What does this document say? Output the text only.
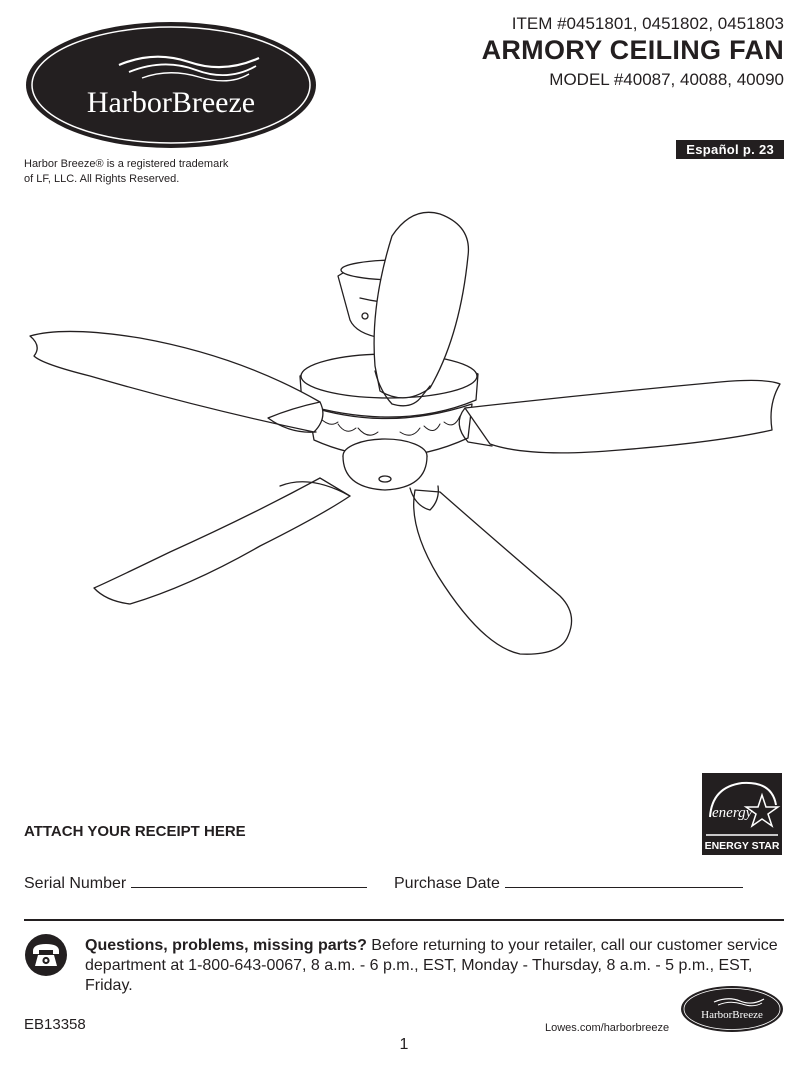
HarborBreeze
Harbor Breeze® is a registered trademark
of LF, LLC. All Rights Reserved.
ITEM #0451801, 0451802, 0451803
ARMORY CEILING FAN
MODEL #40087, 40088, 40090
Español p. 23
energy
ENERGY STAR
ATTACH YOUR RECEIPT HERE
Serial Number	Purchase Date
Questions, problems, missing parts? Before returning to your retailer, call our customer service department at 1-800-643-0067, 8 a.m. - 6 p.m., EST, Monday - Thursday, 8 a.m. - 5 p.m., EST, Friday.
EB13358	Lowes.com/harborbreeze
HarborBreeze
1
